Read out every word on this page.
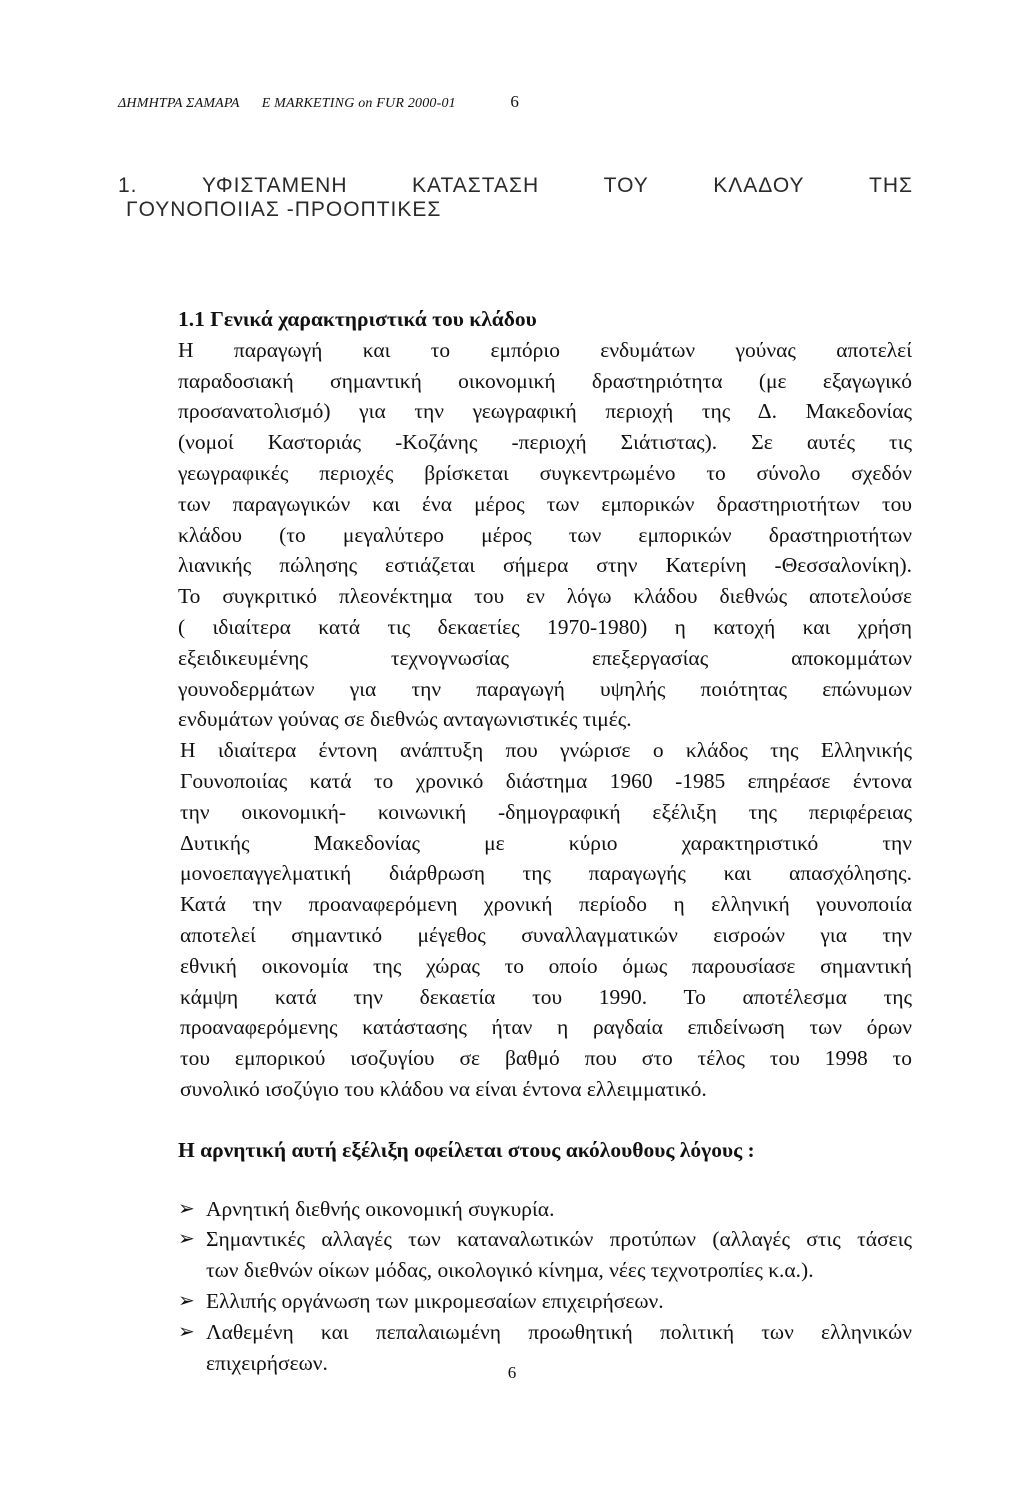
ΔΗΜΗΤΡΑ ΣΑΜΑΡΑ E MARKETING on FUR 2000-01	6
1.	ΥΦΙΣΤΑΜΕΝΗ	ΚΑΤΑΣΤΑΣΗ	ΤΟΥ	ΚΛΑΔΟΥ	ΤΗΣ
ΓΟΥΝΟΠΟΙΙΑΣ -ΠΡΟΟΠΤΙΚΕΣ
1.1 Γενικά χαρακτηριστικά του κλάδου
Η παραγωγή και το εμπόριο ενδυμάτων γούνας αποτελεί
παραδοσιακή σημαντική οικονομική δραστηριότητα (με εξαγωγικό
προσανατολισμό) για την γεωγραφική περιοχή της Δ. Μακεδονίας
(νομοί Καστοριάς -Κοζάνης -περιοχή Σιάτιστας). Σε αυτές τις
γεωγραφικές περιοχές βρίσκεται συγκεντρωμένο το σύνολο σχεδόν
των παραγωγικών και ένα μέρος των εμπορικών δραστηριοτήτων του
κλάδου (το μεγαλύτερο μέρος των εμπορικών δραστηριοτήτων
λιανικής πώλησης εστιάζεται σήμερα στην Κατερίνη -Θεσσαλονίκη).
Το συγκριτικό πλεονέκτημα του εν λόγω κλάδου διεθνώς αποτελούσε
( ιδιαίτερα κατά τις δεκαετίες 1970-1980) η κατοχή και χρήση
εξειδικευμένης τεχνογνωσίας επεξεργασίας αποκομμάτων
γουνοδερμάτων για την παραγωγή υψηλής ποιότητας επώνυμων
ενδυμάτων γούνας σε διεθνώς ανταγωνιστικές τιμές.
Η ιδιαίτερα έντονη ανάπτυξη που γνώρισε ο κλάδος της Ελληνικής
Γουνοποιίας κατά το χρονικό διάστημα 1960 -1985 επηρέασε έντονα
την οικονομική- κοινωνική -δημογραφική εξέλιξη της περιφέρειας
Δυτικής Μακεδονίας με κύριο χαρακτηριστικό την
μονοεπαγγελματική διάρθρωση της παραγωγής και απασχόλησης.
Κατά την προαναφερόμενη χρονική περίοδο η ελληνική γουνοποιία
αποτελεί σημαντικό μέγεθος συναλλαγματικών εισροών για την
εθνική οικονομία της χώρας το οποίο όμως παρουσίασε σημαντική
κάμψη κατά την δεκαετία του 1990. Το αποτέλεσμα της
προαναφερόμενης κατάστασης ήταν η ραγδαία επιδείνωση των όρων
του εμπορικού ισοζυγίου σε βαθμό που στο τέλος του 1998 το
συνολικό ισοζύγιο του κλάδου να είναι έντονα ελλειμματικό.
Η αρνητική αυτή εξέλιξη οφείλεται στους ακόλουθους λόγους :
➢ Αρνητική διεθνής οικονομική συγκυρία.
➢ Σημαντικές αλλαγές των καταναλωτικών προτύπων (αλλαγές στις τάσεις
των διεθνών οίκων μόδας, οικολογικό κίνημα, νέες τεχνοτροπίες κ.α.).
➢ Ελλιπής οργάνωση των μικρομεσαίων επιχειρήσεων.
➢ Λαθεμένη και πεπαλαιωμένη προωθητική πολιτική των ελληνικών
επιχειρήσεων.	6
